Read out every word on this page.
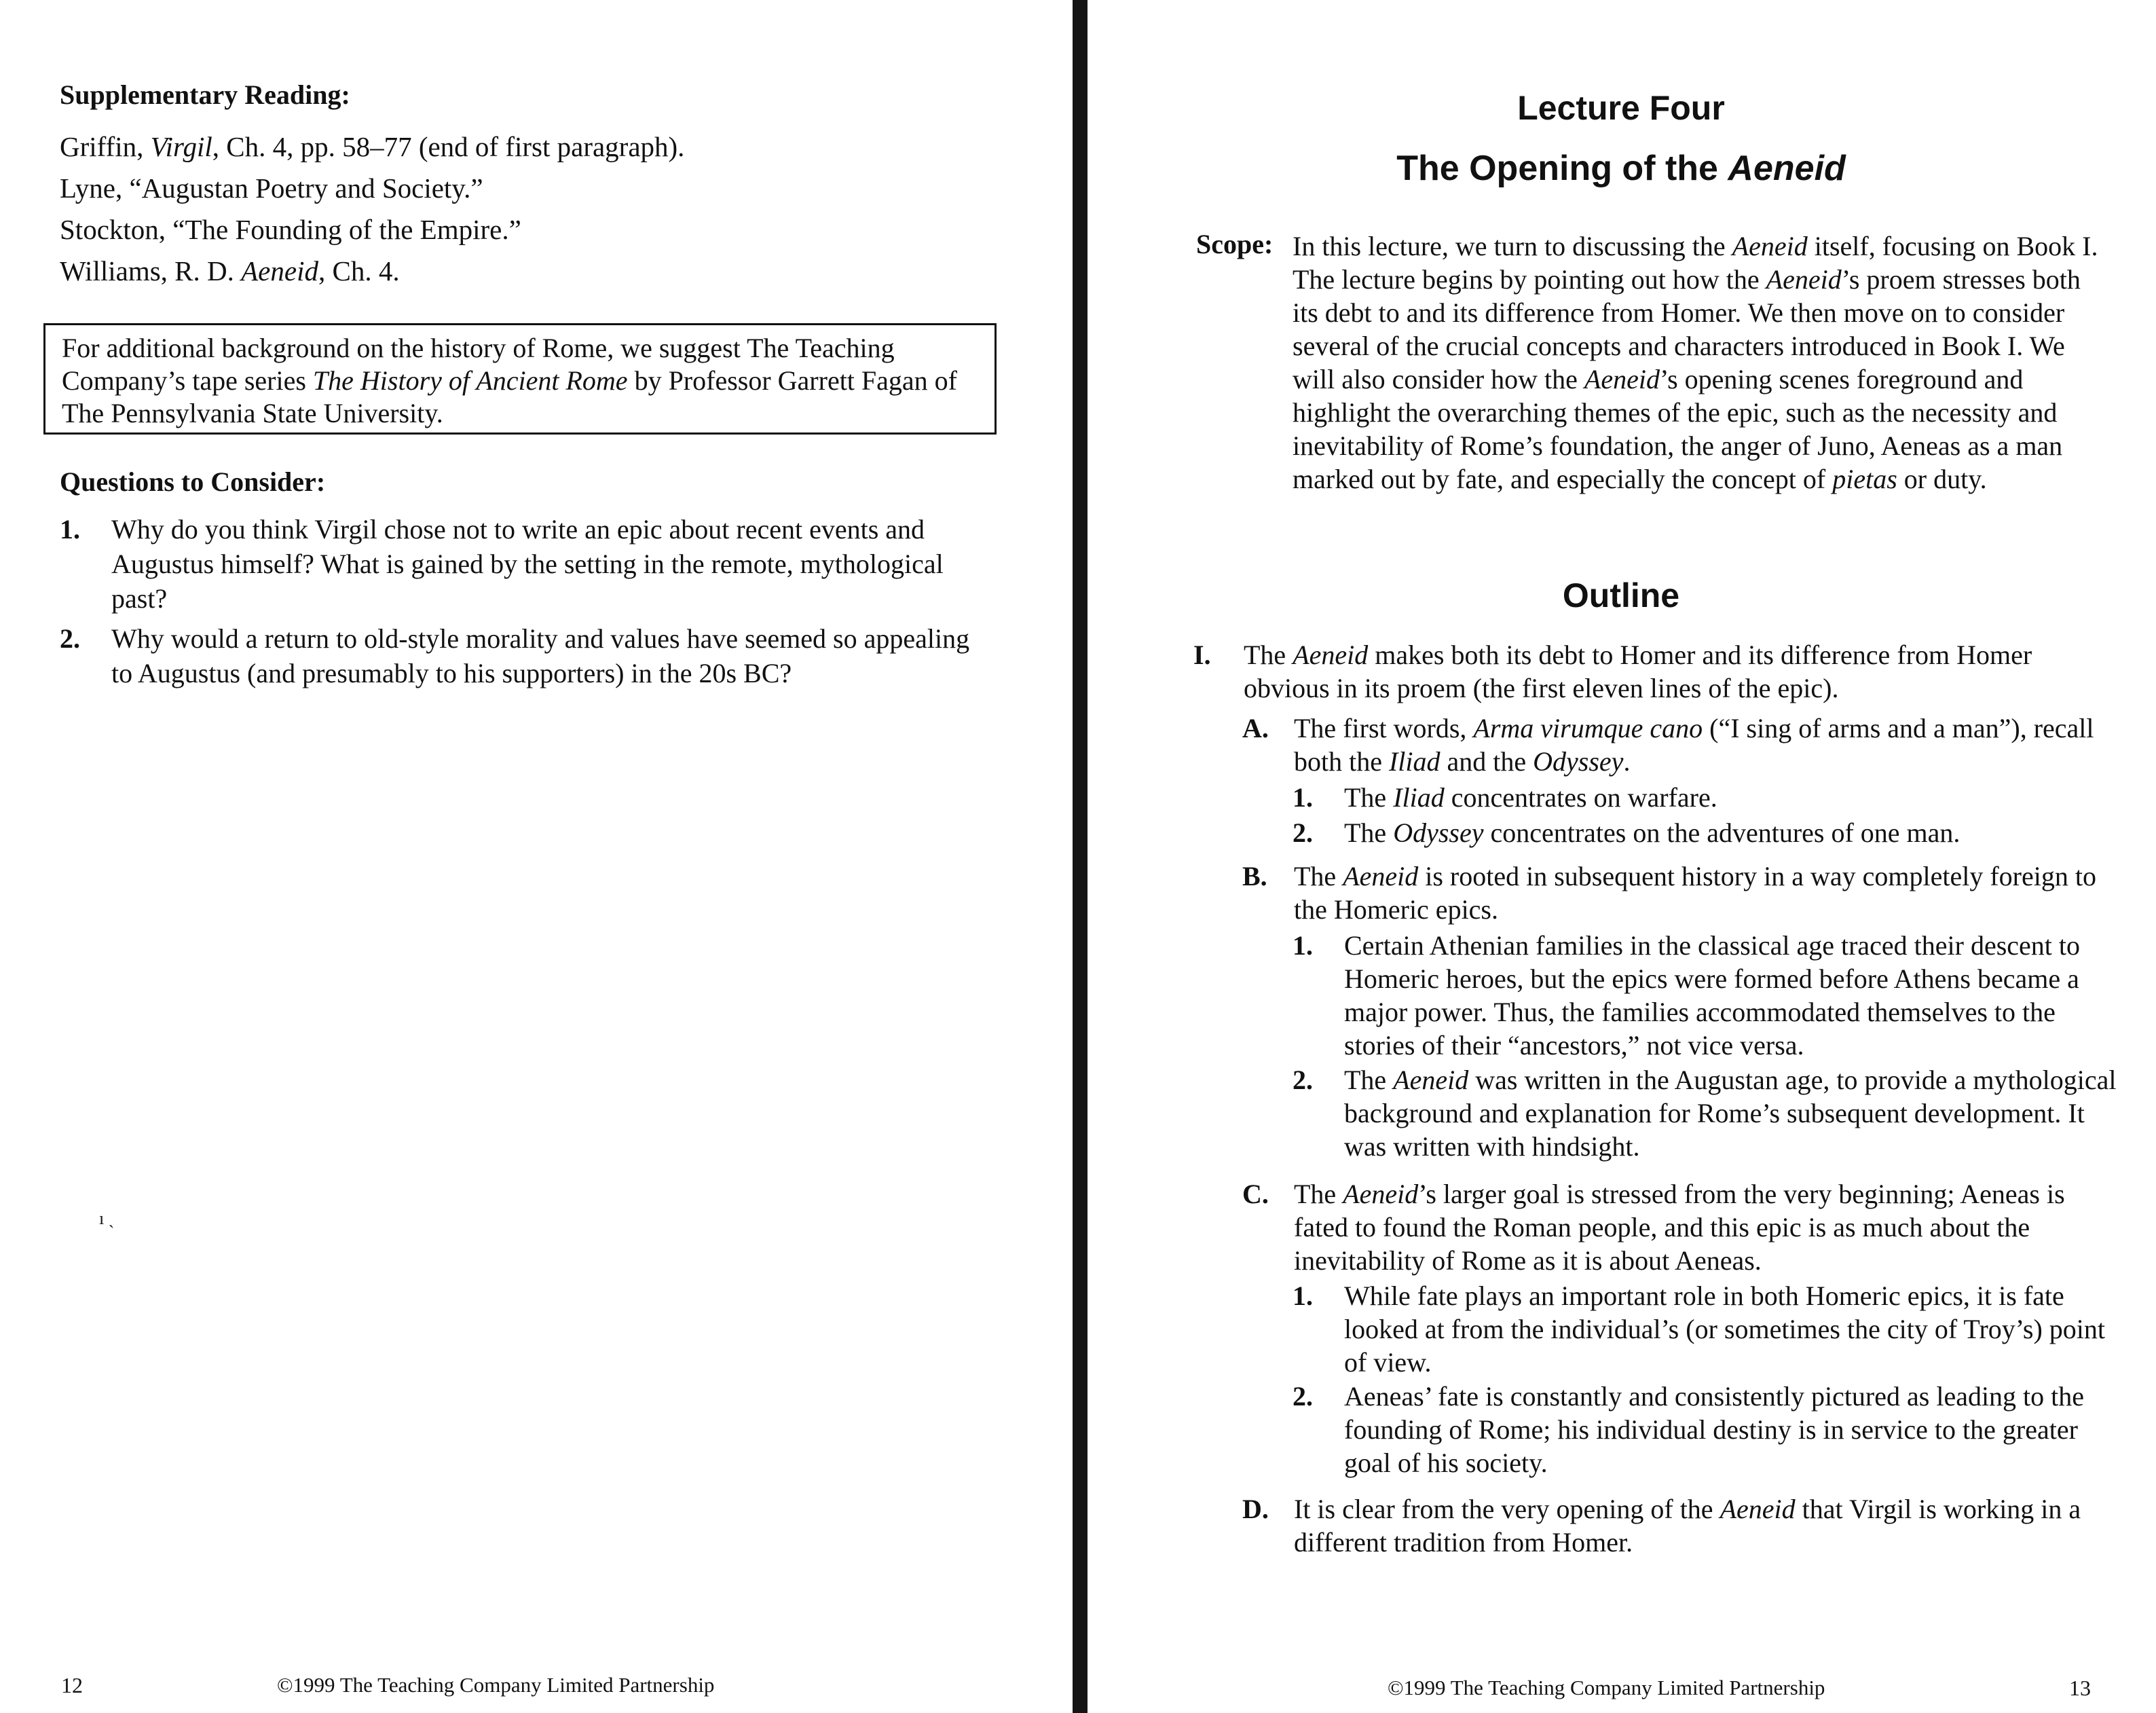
Supplementary Reading:
Griffin, Virgil, Ch. 4, pp. 58–77 (end of first paragraph).
Lyne, “Augustan Poetry and Society.”
Stockton, “The Founding of the Empire.”
Williams, R. D. Aeneid, Ch. 4.
For additional background on the history of Rome, we suggest The Teaching Company’s tape series The History of Ancient Rome by Professor Garrett Fagan of The Pennsylvania State University.
Questions to Consider:
1. Why do you think Virgil chose not to write an epic about recent events and Augustus himself? What is gained by the setting in the remote, mythological past?
2. Why would a return to old-style morality and values have seemed so appealing to Augustus (and presumably to his supporters) in the 20s BC?
ı ˎ
12	©1999 The Teaching Company Limited Partnership
Lecture Four
The Opening of the Aeneid
Scope: In this lecture, we turn to discussing the Aeneid itself, focusing on Book I. The lecture begins by pointing out how the Aeneid’s proem stresses both its debt to and its difference from Homer. We then move on to consider several of the crucial concepts and characters introduced in Book I. We will also consider how the Aeneid’s opening scenes foreground and highlight the overarching themes of the epic, such as the necessity and inevitability of Rome’s foundation, the anger of Juno, Aeneas as a man marked out by fate, and especially the concept of pietas or duty.
Outline
I. The Aeneid makes both its debt to Homer and its difference from Homer obvious in its proem (the first eleven lines of the epic).
A. The first words, Arma virumque cano (“I sing of arms and a man”), recall both the Iliad and the Odyssey.
1. The Iliad concentrates on warfare.
2. The Odyssey concentrates on the adventures of one man.
B. The Aeneid is rooted in subsequent history in a way completely foreign to the Homeric epics.
1. Certain Athenian families in the classical age traced their descent to Homeric heroes, but the epics were formed before Athens became a major power. Thus, the families accommodated themselves to the stories of their “ancestors,” not vice versa.
2. The Aeneid was written in the Augustan age, to provide a mythological background and explanation for Rome’s subsequent development. It was written with hindsight.
C. The Aeneid’s larger goal is stressed from the very beginning; Aeneas is fated to found the Roman people, and this epic is as much about the inevitability of Rome as it is about Aeneas.
1. While fate plays an important role in both Homeric epics, it is fate looked at from the individual’s (or sometimes the city of Troy’s) point of view.
2. Aeneas’ fate is constantly and consistently pictured as leading to the founding of Rome; his individual destiny is in service to the greater goal of his society.
D. It is clear from the very opening of the Aeneid that Virgil is working in a different tradition from Homer.
©1999 The Teaching Company Limited Partnership	13
